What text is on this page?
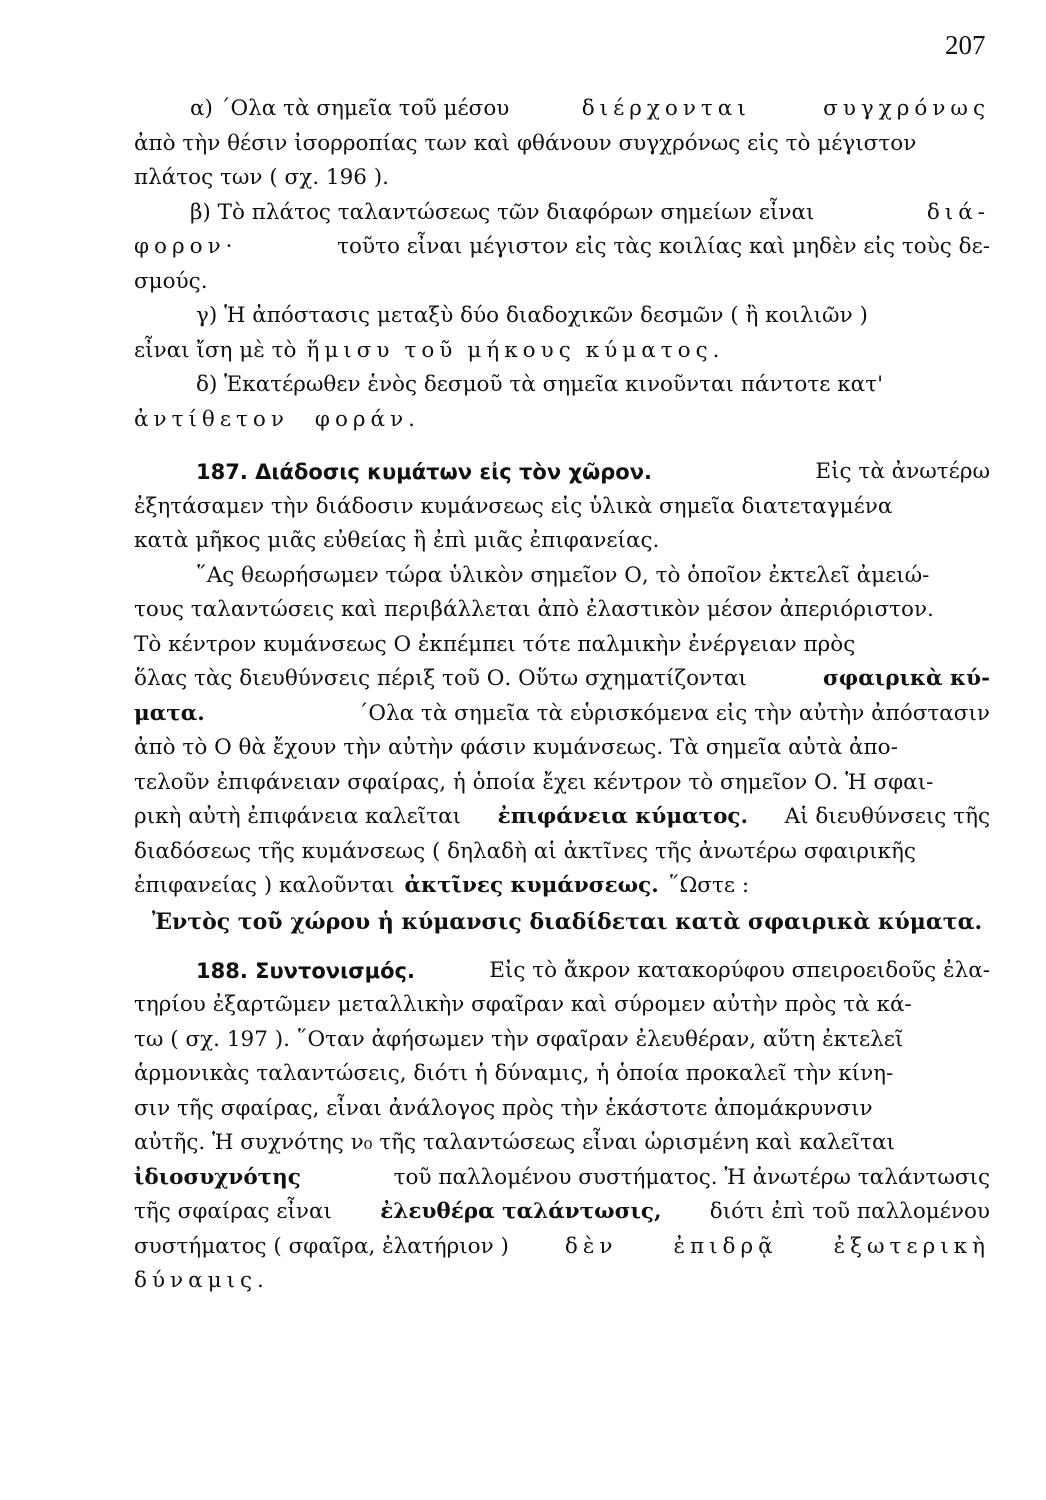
207
α) ΄Ολα τὰ σημεῖα τοῦ μέσου	διέρχονται	συγχρόνως
ἀπὸ τὴν θέσιν ἰσορροπίας των καὶ φθάνουν συγχρόνως εἰς τὸ μέγιστον
πλάτος των ( σχ. 196 ).
β) Τὸ πλάτος ταλαντώσεως τῶν διαφόρων σημείων εἶναι	διά-
φορον·	τοῦτο εἶναι μέγιστον εἰς τὰς κοιλίας καὶ μηδὲν εἰς τοὺς δε-
σμούς.
γ) Ἡ ἀπόστασις μεταξὺ δύο διαδοχικῶν δεσμῶν ( ἢ κοιλιῶν )
εἶναι ἴση μὲ τὸ ἥμισυ τοῦ μήκους κύματος.
δ) Ἑκατέρωθεν ἑνὸς δεσμοῦ τὰ σημεῖα κινοῦνται πάντοτε κατ'
ἀντίθετον φοράν.
187. Διάδοσις κυμάτων εἰς τὸν χῶρον.	Εἰς τὰ ἀνωτέρω
ἐξητάσαμεν τὴν διάδοσιν κυμάνσεως εἰς ὑλικὰ σημεῖα διατεταγμένα
κατὰ μῆκος μιᾶς εὐθείας ἢ ἐπὶ μιᾶς ἐπιφανείας.
῞Ας θεωρήσωμεν τώρα ὑλικὸν σημεῖον Ο, τὸ ὁποῖον ἐκτελεῖ ἀμειώ-
τους ταλαντώσεις καὶ περιβάλλεται ἀπὸ ἐλαστικὸν μέσον ἀπεριόριστον.
Τὸ κέντρον κυμάνσεως Ο ἐκπέμπει τότε παλμικὴν ἐνέργειαν πρὸς
ὅλας τὰς διευθύνσεις πέριξ τοῦ Ο. Οὕτω σχηματίζονται	σφαιρικὰ κύ-
ματα.	΄Ολα τὰ σημεῖα τὰ εὑρισκόμενα εἰς τὴν αὐτὴν ἀπόστασιν
ἀπὸ τὸ Ο θὰ ἔχουν τὴν αὐτὴν φάσιν κυμάνσεως. Τὰ σημεῖα αὐτὰ ἀπο-
τελοῦν ἐπιφάνειαν σφαίρας, ἡ ὁποία ἔχει κέντρον τὸ σημεῖον Ο. Ἡ σφαι-
ρικὴ αὐτὴ ἐπιφάνεια καλεῖται ἐπιφάνεια κύματος. Αἱ διευθύνσεις τῆς
διαδόσεως τῆς κυμάνσεως ( δηλαδὴ αἱ ἀκτῖνες τῆς ἀνωτέρω σφαιρικῆς
ἐπιφανείας ) καλοῦνται ἀκτῖνες κυμάνσεως. ῞Ωστε :
Ἐντὸς τοῦ χώρου ἡ κύμανσις διαδίδεται κατὰ σφαιρικὰ κύματα.
188. Συντονισμός.	Εἰς τὸ ἄκρον κατακορύφου σπειροειδοῦς ἐλα-
τηρίου ἐξαρτῶμεν μεταλλικὴν σφαῖραν καὶ σύρομεν αὐτὴν πρὸς τὰ κά-
τω ( σχ. 197 ). ῞Οταν ἀφήσωμεν τὴν σφαῖραν ἐλευθέραν, αὕτη ἐκτελεῖ
ἁρμονικὰς ταλαντώσεις, διότι ἡ δύναμις, ἡ ὁποία προκαλεῖ τὴν κίνη-
σιν τῆς σφαίρας, εἶναι ἀνάλογος πρὸς τὴν ἑκάστοτε ἀπομάκρυνσιν
αὐτῆς. Ἡ συχνότης ν₀ τῆς ταλαντώσεως εἶναι ὡρισμένη καὶ καλεῖται
ἰδιοσυχνότης	τοῦ παλλομένου συστήματος. Ἡ ἀνωτέρω ταλάντωσις
τῆς σφαίρας εἶναι ἐλευθέρα ταλάντωσις, διότι ἐπὶ τοῦ παλλομένου
συστήματος ( σφαῖρα, ἐλατήριον )	δὲν	ἐπιδρᾷ	ἐξωτερικὴ
δύναμις.
